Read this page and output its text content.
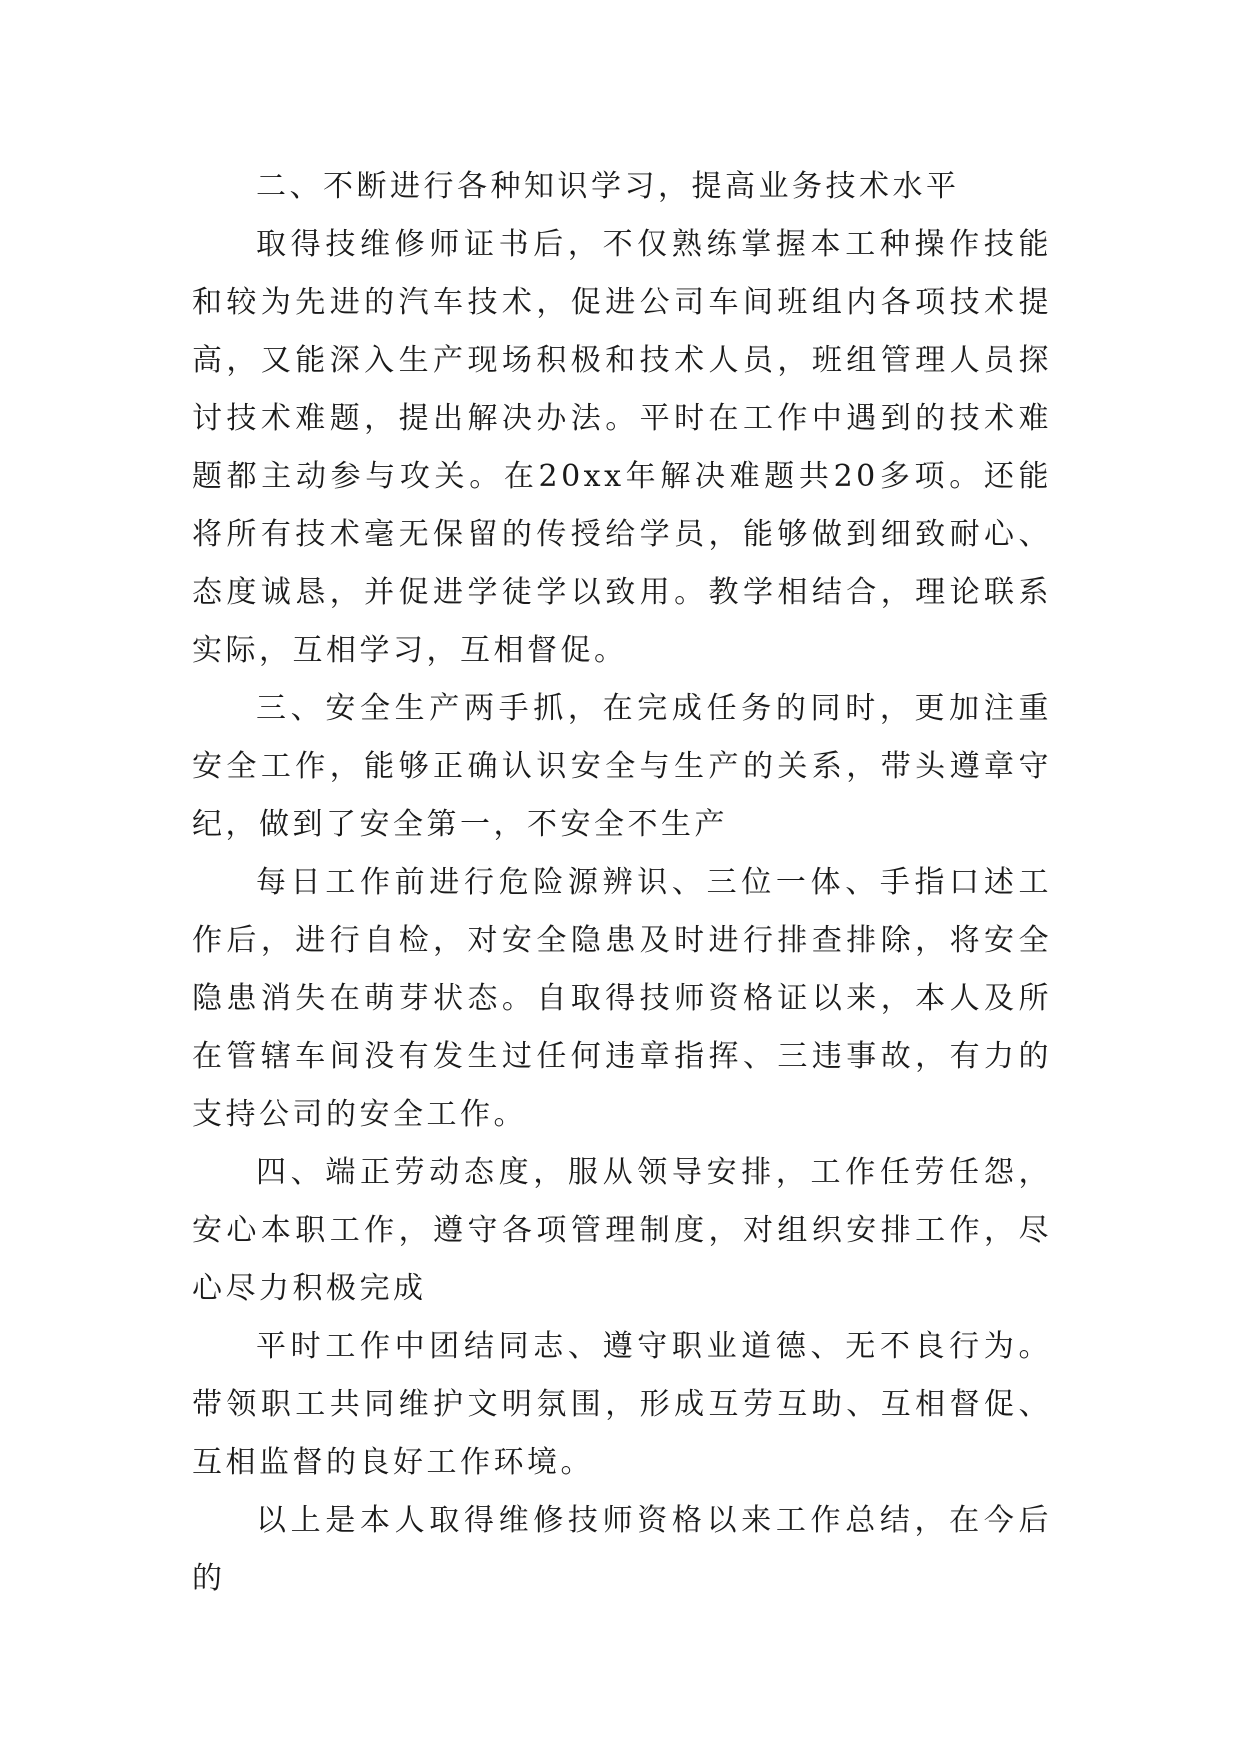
二、不断进行各种知识学习，提高业务技术水平

取得技维修师证书后，不仅熟练掌握本工种操作技能和较为先进的汽车技术，促进公司车间班组内各项技术提高，又能深入生产现场积极和技术人员，班组管理人员探讨技术难题，提出解决办法。平时在工作中遇到的技术难题都主动参与攻关。在20xx年解决难题共20多项。还能将所有技术毫无保留的传授给学员，能够做到细致耐心、态度诚恳，并促进学徒学以致用。教学相结合，理论联系实际，互相学习，互相督促。

三、安全生产两手抓，在完成任务的同时，更加注重安全工作，能够正确认识安全与生产的关系，带头遵章守纪，做到了安全第一，不安全不生产

每日工作前进行危险源辨识、三位一体、手指口述工作后，进行自检，对安全隐患及时进行排查排除，将安全隐患消失在萌芽状态。自取得技师资格证以来，本人及所在管辖车间没有发生过任何违章指挥、三违事故，有力的支持公司的安全工作。

四、端正劳动态度，服从领导安排，工作任劳任怨，安心本职工作，遵守各项管理制度，对组织安排工作，尽心尽力积极完成

平时工作中团结同志、遵守职业道德、无不良行为。带领职工共同维护文明氛围，形成互劳互助、互相督促、互相监督的良好工作环境。

以上是本人取得维修技师资格以来工作总结，在今后的
